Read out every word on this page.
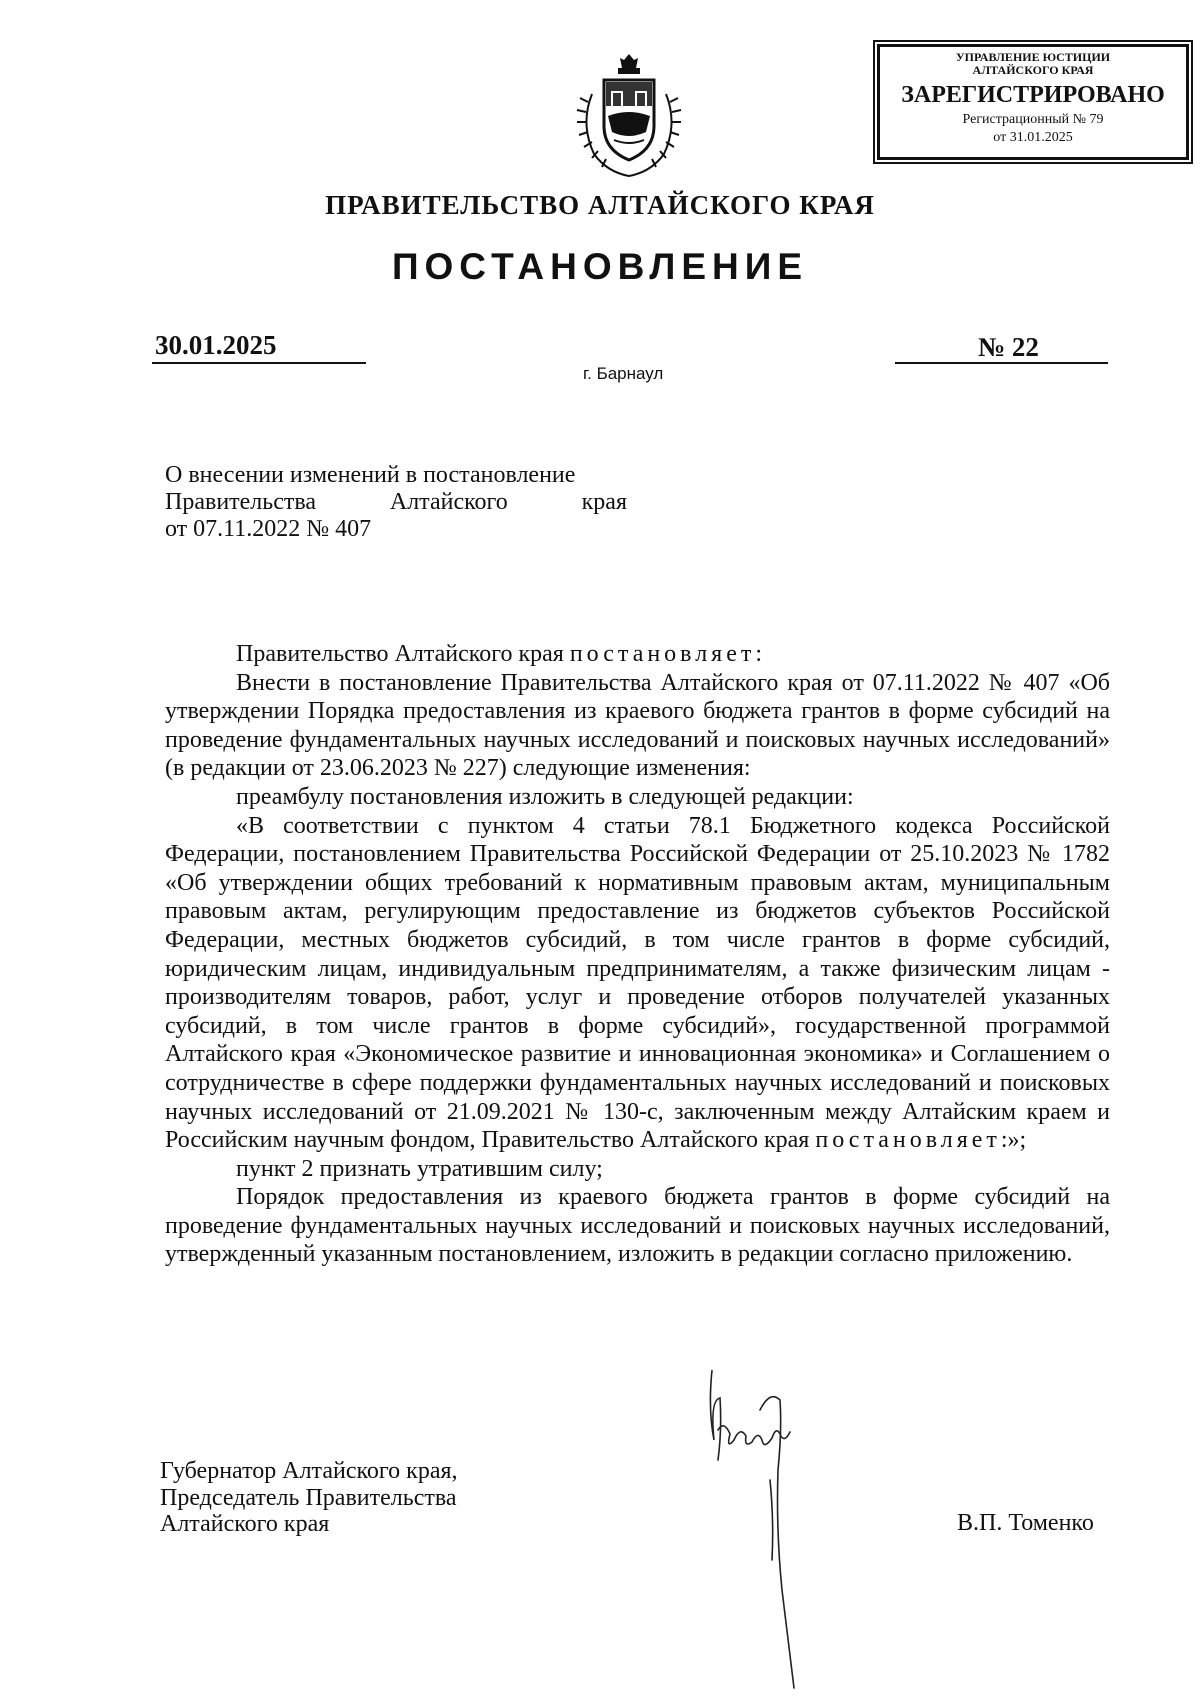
УПРАВЛЕНИЕ ЮСТИЦИИ
АЛТАЙСКОГО КРАЯ
ЗАРЕГИСТРИРОВАНО
Регистрационный № 79
от 31.01.2025
ПРАВИТЕЛЬСТВО АЛТАЙСКОГО КРАЯ
ПОСТАНОВЛЕНИЕ
30.01.2025	№ 22
г. Барнаул
О внесении изменений в постановление
Правительства Алтайского края
от 07.11.2022 № 407

Правительство Алтайского края постановляет:

Внести в постановление Правительства Алтайского края от 07.11.2022 № 407 «Об утверждении Порядка предоставления из краевого бюджета грантов в форме субсидий на проведение фундаментальных научных исследований и поисковых научных исследований» (в редакции от 23.06.2023 № 227) следующие изменения:

преамбулу постановления изложить в следующей редакции:

«В соответствии с пунктом 4 статьи 78.1 Бюджетного кодекса Российской Федерации, постановлением Правительства Российской Федерации от 25.10.2023 № 1782 «Об утверждении общих требований к нормативным правовым актам, муниципальным правовым актам, регулирующим предоставление из бюджетов субъектов Российской Федерации, местных бюджетов субсидий, в том числе грантов в форме субсидий, юридическим лицам, индивидуальным предпринимателям, а также физическим лицам - производителям товаров, работ, услуг и проведение отборов получателей указанных субсидий, в том числе грантов в форме субсидий», государственной программой Алтайского края «Экономическое развитие и инновационная экономика» и Соглашением о сотрудничестве в сфере поддержки фундаментальных научных исследований и поисковых научных исследований от 21.09.2021 № 130-с, заключенным между Алтайским краем и Российским научным фондом, Правительство Алтайского края постановляет:»;

пункт 2 признать утратившим силу;

Порядок предоставления из краевого бюджета грантов в форме субсидий на проведение фундаментальных научных исследований и поисковых научных исследований, утвержденный указанным постановлением, изложить в редакции согласно приложению.

Губернатор Алтайского края,
Председатель Правительства
Алтайского края	В.П. Томенко
